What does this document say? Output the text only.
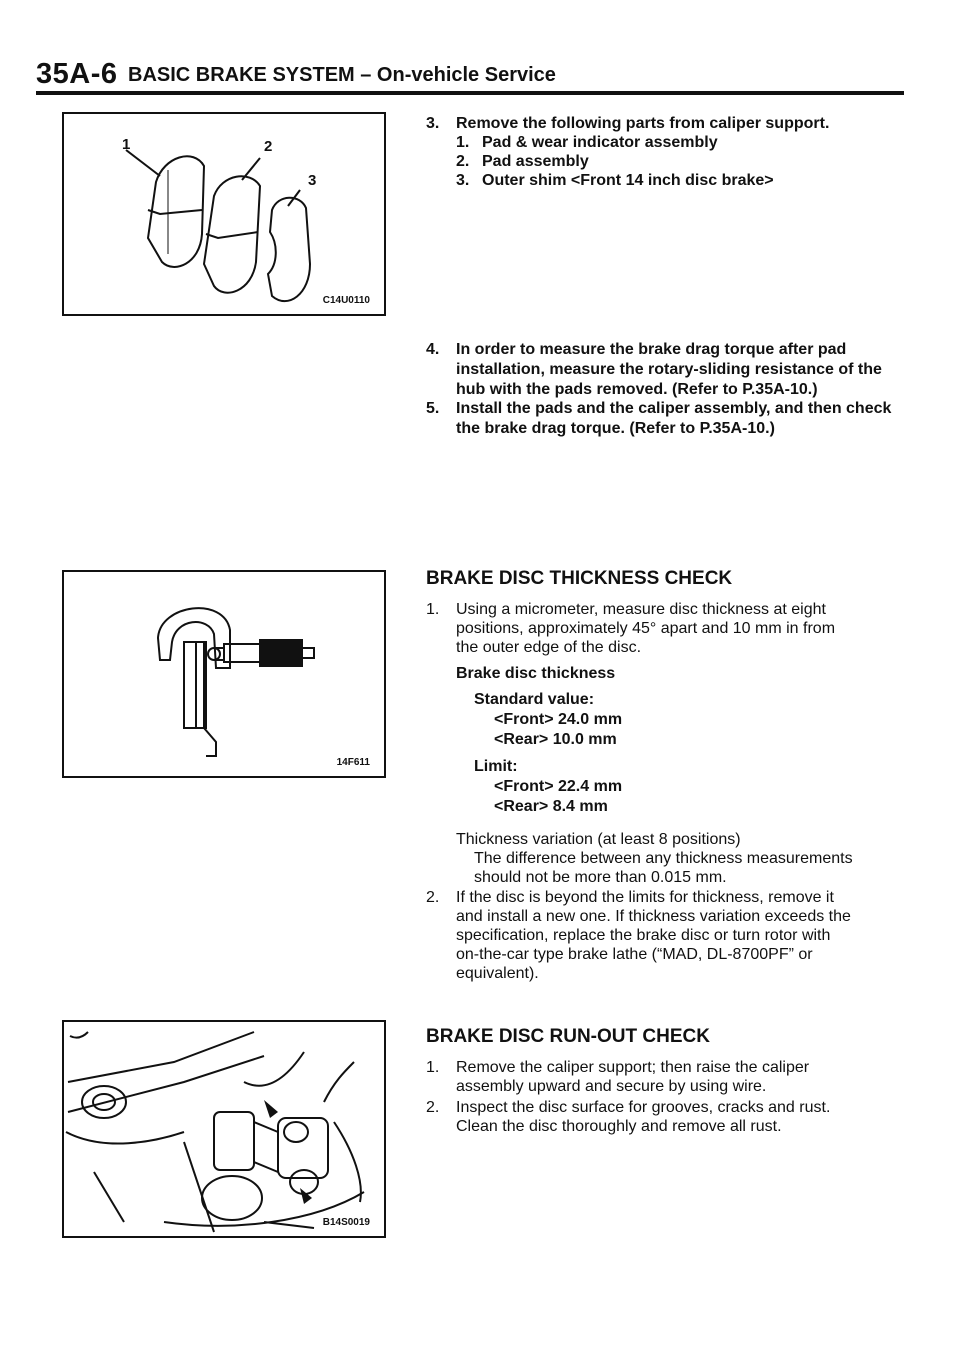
35A-6 BASIC BRAKE SYSTEM – On-vehicle Service
1	2
3
C14U0110
14F611
B14S0019
3. Remove the following parts from caliper support.
1. Pad & wear indicator assembly
2. Pad assembly
3. Outer shim <Front 14 inch disc brake>
4. In order to measure the brake drag torque after pad
installation, measure the rotary-sliding resistance of the
hub with the pads removed. (Refer to P.35A-10.)
5. Install the pads and the caliper assembly, and then check
the brake drag torque. (Refer to P.35A-10.)
BRAKE DISC THICKNESS CHECK
1. Using a micrometer, measure disc thickness at eight
positions, approximately 45° apart and 10 mm in from
the outer edge of the disc.
Brake disc thickness
Standard value:
<Front> 24.0 mm
<Rear> 10.0 mm
Limit:
<Front> 22.4 mm
<Rear> 8.4 mm
Thickness variation (at least 8 positions)
The difference between any thickness measurements
should not be more than 0.015 mm.
2. If the disc is beyond the limits for thickness, remove it
and install a new one. If thickness variation exceeds the
specification, replace the brake disc or turn rotor with
on-the-car type brake lathe (“MAD, DL-8700PF” or
equivalent).
BRAKE DISC RUN-OUT CHECK
1. Remove the caliper support; then raise the caliper
assembly upward and secure by using wire.
2. Inspect the disc surface for grooves, cracks and rust.
Clean the disc thoroughly and remove all rust.
